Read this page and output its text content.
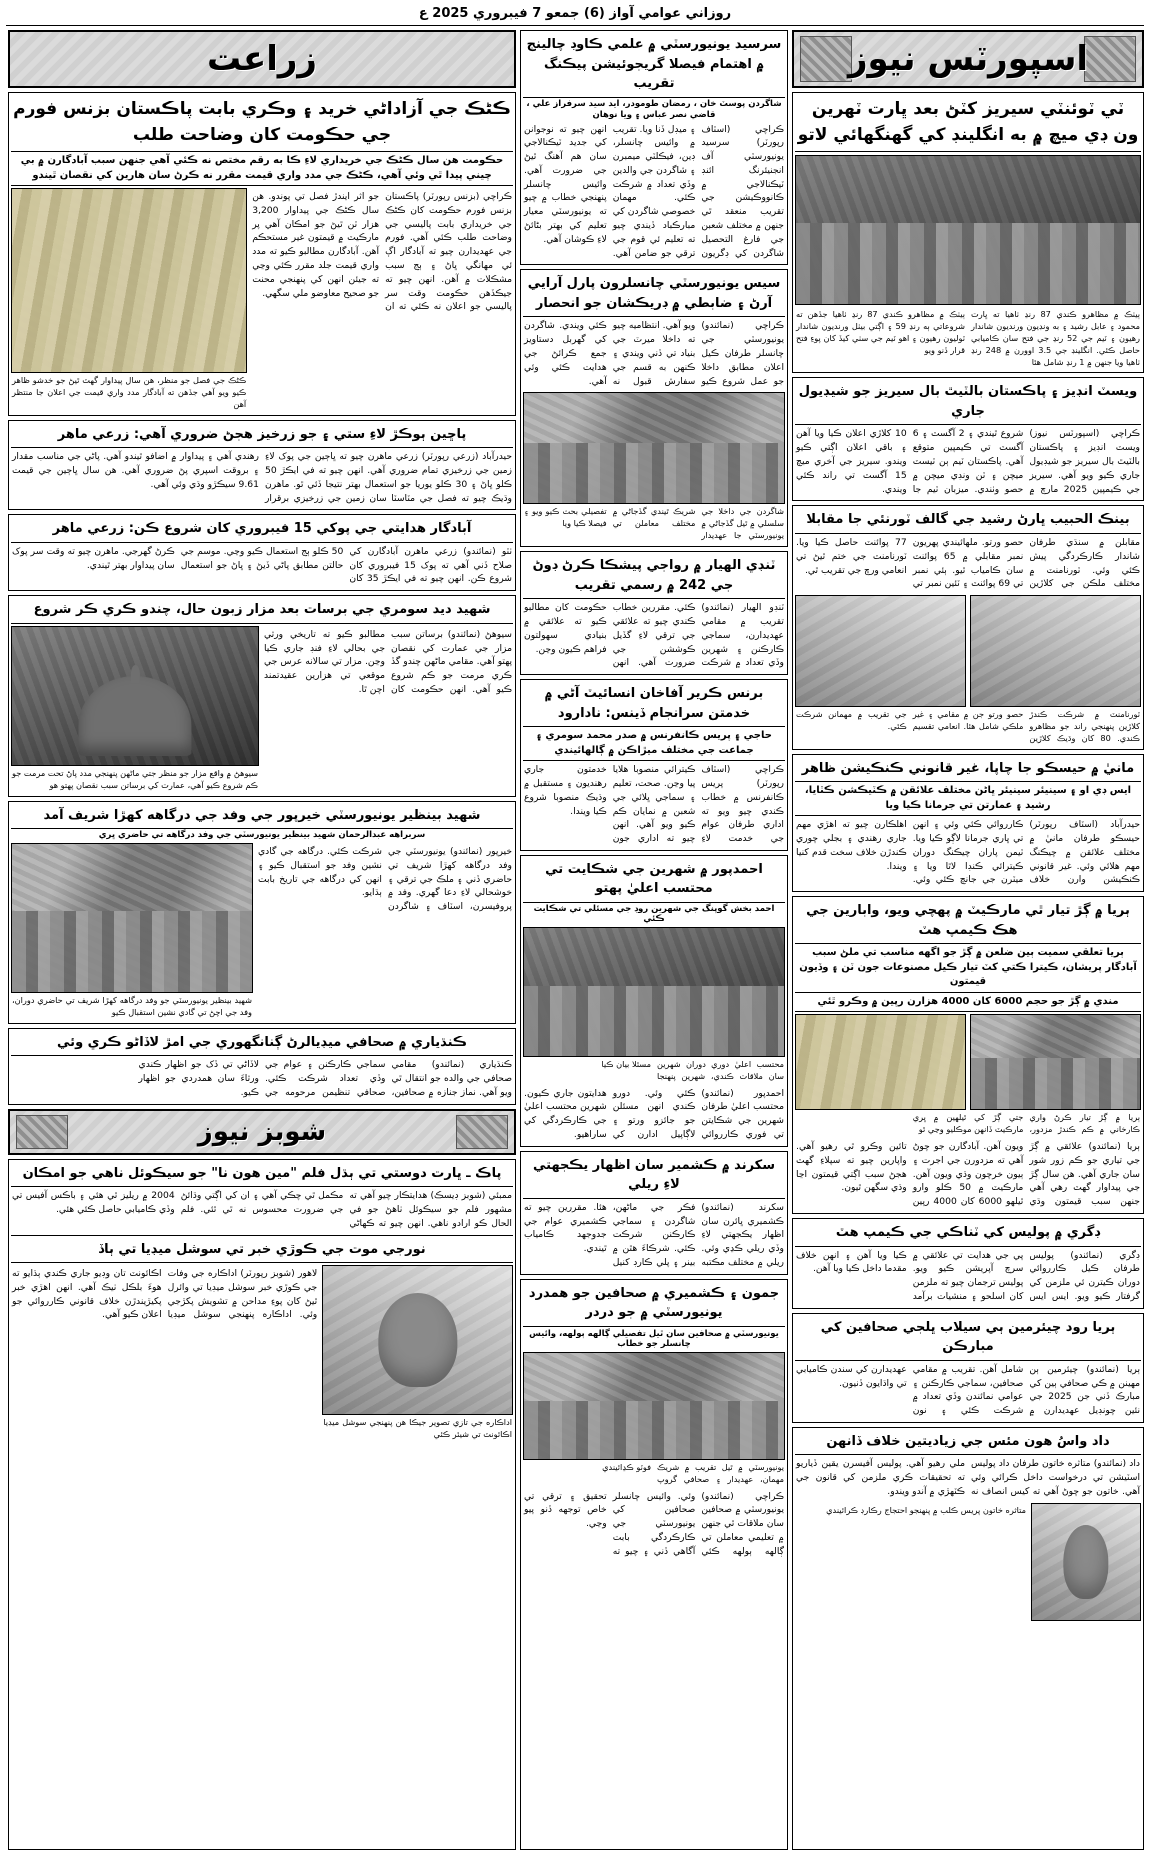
روزاني عوامي آواز (6) جمعو 7 فيبروري 2025 ع
اسپورٽس نيوز
ٽي ٽوئنٽي سيريز کٽڻ بعد ڀارت ٽهرين ون ڊي ميچ ۾ به انگلينڊ کي گهنگهائي لاتو
ٻيٺڪ ۾ مظاهرو ڪندي 87 رنڍ ٺاهيا ته ڀارت محمود ۽ عابل رشيد ۽ به ونڊيون ورنديون شاندار رهيون ۽ ٽيم جي 52 رنڍ جي فتح سان ڪاميابي حاصل ڪئي. انگلينڊ جي 3.5 اوورن ۾ 248 رنڍ ٺاهيا ويا جنهن ۾ 1 رنڍ شامل هئا
ٻيٺڪ ۾ مظاهرو ڪندي 87 رنڍ ٺاهيا جڏهن ته شروعاتي ٻه رنڍ 59 ۽ اڳتي بيٺل ورنديون شاندار ٽوليون رهيون ۽ اهو ٽيم جي سٺي کيڏ کان پوءِ فتح قرار ڏنو ويو
ويسٽ انڊيز ۽ پاڪستان بالٽيٿ بال سيريز جو شيڊيول جاري
ڪراچي (اسپورٽس نيوز) ويسٽ انڊيز ۽ پاڪستان بالٽيٿ بال سيريز جو شيڊيول جاري ڪيو ويو آهي. سيريز جي ڪيمپين 2025 مارچ ۾ شروع ٿيندي ۽ 2 آگسٽ ۽ 6 آگسٽ تي ڪيمپين متوقع آهي. پاڪستان ٽيم ٻن ٽيسٽ ميچن ۽ ٽن ونڊي ميچن ۾ حصو وٺندي. ميزبان ٽيم جا 10 کلاڙي اعلان ڪيا ويا آهن ۽ باقي اعلان اڳتي ڪيو ويندو. سيريز جي آخري ميچ 15 آگسٽ تي راند ڪئي ويندي.
بينڪ الحبيب ڀارڻ رشيد جي گالف ٽورنئي جا مقابلا
مقابلن ۾ سنڌي طرفان شاندار ڪارڪردگي پيش ڪئي وئي. ٽورنامنٽ ۾ مختلف ملڪن جي کلاڙين حصو ورتو. ملهائيندي پهريون نمبر مقابلي ۾ 65 پوائنٽ سان ڪامياب ٿيو. ٻئي نمبر تي 69 پوائنٽ ۽ ٽئين نمبر تي 77 پوائنٽ حاصل ڪيا ويا. ٽورنامنٽ جي ختم ٿيڻ تي انعامي ورڇ جي تقريب ٿي.
ٽورنامنٽ ۾ شرڪت ڪندڙ کلاڙين پنهنجي راند جو مظاهرو ڪندي. 80 کان وڌيڪ کلاڙين حصو ورتو جن ۾ مقامي ۽ غير ملڪي شامل هئا. انعامي تقسيم جي تقريب ۾ مهمانن شرڪت ڪئي.
مانيٰ ۾ حيسڪو جا چاپا، غير قانوني ڪنڪيشن ظاهر
ايس ڊي او ۽ سينيئر سينيئر ڀاڻن مختلف علائقن ۾ ڪٽيڪشن ڪٽايا، رشيد ۽ عمارتن تي جرمانا ڪيا ويا
حيدرآباد (اسٽاف رپورٽر) حيسڪو طرفان مانيٰ ۾ مختلف علائقن ۾ چيڪنگ مهم هلائي وئي. غير قانوني ڪنڪيشن وارن خلاف ڪارروائي ڪئي وئي ۽ انهن تي ڀاري جرمانا لاڳو ڪيا ويا. ٽيمن پاران چيڪنگ دوران ڪيترائي ڪنڊا لاٿا ويا ۽ ميٽرن جي جانچ ڪئي وئي. اهلڪارن چيو ته اهڙي مهم جاري رهندي ۽ بجلي چوري ڪندڙن خلاف سخت قدم کنيا ويندا.
ٻريا ۾ ڳڙ تيار ٿي مارڪيٽ ۾ پهچي ويو، وابارين جي هڪ ڪيمپ هٽ
ٻريا تعلقي سميت ٻين ضلعن ۾ ڳڙ جو اگهه مناسب تي ملڻ سبب آبادگار پريشان، ڪيترا ڪتي کٽ تيار ڪيل مصنوعات جون ٽن ۽ وڏيون قيمتون
مندي ۾ ڳڙ جو حجم 6000 کان 4000 هزارن رپين ۾ وڪرو ٿئي
ٻريا ۾ ڳڙ تيار ڪرڻ واري ڪارخاني ۾ ڪم ڪندڙ مزدور، جتي ڳڙ کي ٿيلهين ۾ ڀري مارڪيٽ ڏانهن موڪليو وڃي ٿو
ٻريا (نمائندو) علائقي ۾ ڳڙ جي تياري جو ڪم زور شور سان جاري آهي. هن سال ڳڙ جي پيداوار گهٽ رهي آهي جنهن سبب قيمتون وڌي ويون آهن. آبادگارن جو چوڻ آهي ته مزدورن جي اجرت ۽ ٻيون خرچون وڌي ويون آهن. مارڪيٽ ۾ 50 ڪلو وارو ٿيلهو 6000 کان 4000 رپين تائين وڪرو ٿي رهيو آهي. واپارين چيو ته سپلاءِ گهٽ هجڻ سبب اڳتي قيمتون اڃا وڌي سگهن ٿيون.
ڊگري ۾ پوليس کي ٽناڪي جي ڪيمپ هٽ
ڊگري (نمائندو) پوليس طرفان ڪيل ڪارروائي دوران ڪيترن ئي ملزمن کي گرفتار ڪيو ويو. ايس ايس پي جي هدايت تي علائقي ۾ سرچ آپريشن ڪيو ويو. پوليس ترجمان چيو ته ملزمن کان اسلحو ۽ منشيات برآمد ڪيا ويا آهن ۽ انهن خلاف مقدما داخل ڪيا ويا آهن.
ٻريا رود چيئرمين ٻي سيلاب ڀلجي صحافين کي مبارڪن
ٻريا (نمائندو) چيئرمين ٻن مهينن ۾ ڪي صحافي ٻين کي مبارڪ ڏني جن 2025 جي نئين چونڊيل عهديدارن ۾ شامل آهن. تقريب ۾ مقامي صحافين، سماجي ڪارڪنن ۽ عوامي نمائندن وڏي تعداد ۾ شرڪت ڪئي ۽ نون عهديدارن کي سندن ڪاميابي تي واڌايون ڏنيون.
داد واسُ هون مئس جي زياديتين خلاف ڏانهن
داد (نمائندو) متاثره خاتون طرفان داد پوليس اسٽيشن تي درخواست داخل ڪرائي وئي آهي. خاتون جو چوڻ آهي ته کيس انصاف نه ملي رهيو آهي. پوليس آفيسرن يقين ڏياريو ته تحقيقات ڪري ملزمن کي قانون جي ڪٽهڙي ۾ آندو ويندو.
متاثره خاتون پريس ڪلب ۾ پنهنجو احتجاج رڪارڊ ڪرائيندي
سرسيد يونيورسٽي ۾ علمي ڪاوڊ چالينج ۾ اهتمام فيصلا گريجوئيشن پيڪنگ تقريب
شاگردن پوسٽ خان ، رمضان طومودر، ايد سيد سرفراز علي ، قاضي نصر عباس ۽ ويا نوهان
ڪراچي (اسٽاف رپورٽر) سرسيد يونيورسٽي آف انجنيئرنگ ائنڊ ٽيڪنالاجي ۾ ڪانووڪيشن جي تقريب منعقد ٿي جنهن ۾ مختلف شعبن جي فارغ التحصيل شاگردن کي ڊگريون ۽ ميڊل ڏنا ويا. تقريب ۾ وائيس چانسلر، ڊين، فيڪلٽي ميمبرن ۽ شاگردن جي والدين وڏي تعداد ۾ شرڪت ڪئي. مهمان خصوصي شاگردن کي مبارڪباد ڏيندي چيو ته تعليم ئي قوم جي ترقي جو ضامن آهي. انهن چيو ته نوجوانن کي جديد ٽيڪنالاجي سان هم آهنگ ٿيڻ جي ضرورت آهي. وائيس چانسلر پنهنجي خطاب ۾ چيو ته يونيورسٽي معيار تعليم کي بهتر بڻائڻ لاءِ ڪوشان آهي.
سيس يونيورسٽي چانسلرون پارل آرايي آرڻ ۽ ضابطي ۾ ڊريڪشان جو انحصار
ڪراچي (نمائندو) يونيورسٽي جي چانسلر طرفان ڪيل اعلان مطابق داخلا جو عمل شروع ڪيو ويو آهي. انتظاميه چيو ته داخلا ميرٽ جي بنياد تي ڏني ويندي ۽ ڪنهن به قسم جي سفارش قبول نه ڪئي ويندي. شاگردن کي گهربل دستاويز جمع ڪرائڻ جي هدايت ڪئي وئي آهي.
شاگردن جي داخلا جي سلسلي ۾ ٿيل گڏجاڻي ۾ يونيورسٽي جا عهديدار شريڪ ٿيندي گڏجاڻي ۾ مختلف معاملن تي تفصيلي بحث ڪيو ويو ۽ فيصلا ڪيا ويا
ٽنڊي الهيار ۾ رواجي پيشڪا ڪرڻ ڊوڻ جي 242 ۾ رسمي تقريب
ٽنڊو الهيار (نمائندو) تقريب ۾ مقامي عهديدارن، سماجي ڪارڪنن ۽ شهرين وڏي تعداد ۾ شرڪت ڪئي. مقررين خطاب ڪندي چيو ته علائقي جي ترقي لاءِ گڏيل ڪوششن جي ضرورت آهي. انهن حڪومت کان مطالبو ڪيو ته علائقي ۾ بنيادي سهولتون فراهم ڪيون وڃن.
برنس ڪرير آفاخان انسائيٽ آڻي ۾ خدمتن سرانجام ڏينس: نادارود
حاجي ۽ پريس ڪانفرنس ۾ صدر محمد سومري ۽ جماعت جي مختلف ميڙاڪن ۾ ڳالهائيندي
ڪراچي (اسٽاف رپورٽر) پريس ڪانفرنس ۾ خطاب ڪندي چيو ويو ته اداري طرفان عوام جي خدمت لاءِ ڪيترائي منصوبا هلايا پيا وڃن. صحت، تعليم ۽ سماجي ڀلائي جي شعبن ۾ نمايان ڪم ڪيو ويو آهي. انهن چيو ته اداري جون خدمتون جاري رهنديون ۽ مستقبل ۾ وڌيڪ منصوبا شروع ڪيا ويندا.
احمدپور ۾ شهرين جي شڪايت تي محتسب اعليٰ پهتو
احمد بخش گوپنگ جي شهرين روڊ جي مسئلي تي شڪايت ڪئي
محتسب اعليٰ دوري دوران شهرين سان ملاقات ڪندي، شهرين پنهنجا مسئلا بيان ڪيا
احمدپور (نمائندو) محتسب اعليٰ طرفان شهرين جي شڪايتن تي فوري ڪارروائي ڪئي وئي. دورو ڪندي انهن مسئلن جو جائزو ورتو ۽ لاڳاپيل ادارن کي هدايتون جاري ڪيون. شهرين محتسب اعليٰ جي ڪارڪردگي کي ساراهيو.
سکرند ۾ ڪشمير سان اظهار يڪجهتي لاءِ ريلي
سکرند (نمائندو) ڪشميري ڀائرن سان اظهار يڪجهتي لاءِ وڏي ريلي ڪڍي وئي. ريلي ۾ مختلف مڪتبه فڪر جي ماڻهن، شاگردن ۽ سماجي ڪارڪنن شرڪت ڪئي. شرڪاءَ هٿن ۾ بينر ۽ پلي ڪارڊ کنيل هئا. مقررين چيو ته ڪشميري عوام جي جدوجهد ڪامياب ٿيندي.
جمون ۽ ڪشميري ۾ صحافين جو همدرد يونيورسٽي ۾ جو دردر
يونيورسٽي ۾ صحافين سان ٿيل تفصيلي ڳالهه ٻولهه، وائيس چانسلر جو خطاب
يونيورسٽي ۾ ٿيل تقريب ۾ شريڪ مهمان، عهديدار ۽ صحافي گروپ فوٽو ڪڍائيندي
ڪراچي (نمائندو) يونيورسٽي ۾ صحافين سان ملاقات ٿي جنهن ۾ تعليمي معاملن تي ڳالهه ٻولهه ڪئي وئي. وائيس چانسلر صحافين کي يونيورسٽي جي ڪارڪردگي بابت آگاهي ڏني ۽ چيو ته تحقيق ۽ ترقي تي خاص توجهه ڏنو پيو وڃي.
زراعت
ڪڻڪ جي آزاداڻي خريد ۽ وڪري بابت پاڪستان بزنس فورم جي حڪومت کان وضاحت طلب
حڪومت هن سال ڪڻڪ جي خريداري لاءِ ڪا به رقم مختص نه ڪئي آهي جنهن سبب آبادگارن ۾ بي چيني پيدا ٿي وئي آهي، ڪڻڪ جي مدد واري قيمت مقرر نه ڪرڻ سان هارين کي نقصان ٿيندو
ڪراچي (بزنس رپورٽر) پاڪستان بزنس فورم حڪومت کان ڪڻڪ جي خريداري بابت پاليسي جي وضاحت طلب ڪئي آهي. فورم جي عهديدارن چيو ته آبادگار اڳ ئي مهانگي ڀاڻ ۽ ٻج سبب مشڪلات ۾ آهن. انهن چيو ته جيڪڏهن حڪومت وقت سر پاليسي جو اعلان نه ڪئي ته ان جو اثر ايندڙ فصل تي پوندو. هن سال ڪڻڪ جي پيداوار 3,200 هزار ٽن ٿيڻ جو امڪان آهي پر مارڪيٽ ۾ قيمتون غير مستحڪم آهن. آبادگارن مطالبو ڪيو ته مدد واري قيمت جلد مقرر ڪئي وڃي ته جيئن انهن کي پنهنجي محنت جو صحيح معاوضو ملي سگهي.
ڪڻڪ جي فصل جو منظر، هن سال پيداوار گهٽ ٿيڻ جو خدشو ظاهر ڪيو ويو آهي جڏهن ته آبادگار مدد واري قيمت جي اعلان جا منتظر آهن
پاڇين ٻوڪڙ لاءِ ستي ۽ جو زرخيز هجڻ ضروري آهي: زرعي ماهر
حيدرآباد (زرعي رپورٽر) زرعي ماهرن چيو ته ڀاڄين جي پوک لاءِ زمين جي زرخيزي تمام ضروري آهي. انهن چيو ته في ايڪڙ 50 ڪلو ڀاڻ ۽ 30 ڪلو يوريا جو استعمال بهتر نتيجا ڏئي ٿو. ماهرن وڌيڪ چيو ته فصل جي مٽاسٽا سان زمين جي زرخيزي برقرار رهندي آهي ۽ پيداوار ۾ اضافو ٿيندو آهي. پاڻي جي مناسب مقدار ۽ بروقت اسپري پڻ ضروري آهي. هن سال ڀاڄين جي قيمت 9.61 سيڪڙو وڌي وئي آهي.
آبادگار هدايتي جي پوکي 15 فيبروري کان شروع ڪن: زرعي ماهر
ٺٽو (نمائندو) زرعي ماهرن آبادگارن کي صلاح ڏني آهي ته پوک 15 فيبروري کان شروع ڪن. انهن چيو ته في ايڪڙ 35 کان 50 ڪلو ٻج استعمال ڪيو وڃي. موسم جي حالتن مطابق پاڻي ڏيڻ ۽ ڀاڻ جو استعمال ڪرڻ گهرجي. ماهرن چيو ته وقت سر پوک سان پيداوار بهتر ٿيندي.
شهيد ديد سومري جي برسات بعد مزار زبون حال، چندو ڪري ڪر شروع
سيوهڻ (نمائندو) برساتن سبب مزار جي عمارت کي نقصان پهتو آهي. مقامي ماڻهن چندو گڏ ڪري مرمت جو ڪم شروع ڪيو آهي. انهن حڪومت کان مطالبو ڪيو ته تاريخي ورثي جي بحالي لاءِ فنڊ جاري ڪيا وڃن. مزار تي سالانه عرس جي موقعي تي هزارين عقيدتمند اچن ٿا.
سيوهڻ ۾ واقع مزار جو منظر جتي ماڻهن پنهنجي مدد پاڻ تحت مرمت جو ڪم شروع ڪيو آهي، عمارت کي برساتن سبب نقصان پهتو هو
شهيد بينظير يونيورسٽي خيرپور جي وفد جي درگاهه کهڙا شريف آمد
سربراهه عبدالرحمان شهيد بينظير يونيورسٽي جي وفد درگاهه تي حاضري ڀري
خيرپور (نمائندو) يونيورسٽي جي وفد درگاهه کهڙا شريف تي حاضري ڏني ۽ ملڪ جي ترقي ۽ خوشحالي لاءِ دعا گهري. وفد ۾ پروفيسرن، اسٽاف ۽ شاگردن شرڪت ڪئي. درگاهه جي گادي نشين وفد جو استقبال ڪيو ۽ انهن کي درگاهه جي تاريخ بابت ٻڌايو.
شهيد بينظير يونيورسٽي جو وفد درگاهه کهڙا شريف تي حاضري دوران، وفد جي اچڻ تي گادي نشين استقبال ڪيو
ڪنڌياري ۾ صحافي ميڊيالرڻ ڳنانگهوري جي امڙ لاڏاڻو ڪري وئي
ڪنڌياري (نمائندو) مقامي صحافي جي والده جو انتقال ٿي ويو آهي. نماز جنازه ۾ صحافين، سماجي ڪارڪنن ۽ عوام جي وڏي تعداد شرڪت ڪئي. صحافي تنظيمن مرحومه جي لاڏاڻي تي ڏک جو اظهار ڪندي ورثاءَ سان همدردي جو اظهار ڪيو.
شوبز نيوز
پاڪ ـ ڀارت دوستي تي ٻڌل فلم "مين هون نا" جو سيڪوئل ناهي جو امڪان
ممبئي (شوبز ڊيسڪ) هدايتڪار چيو آهي ته مشهور فلم جو سيڪوئل ٺاهڻ جو في الحال ڪو ارادو ناهي. انهن چيو ته ڪهاڻي مڪمل ٿي چڪي آهي ۽ ان کي اڳتي وڌائڻ جي ضرورت محسوس نه ٿي ٿئي. فلم 2004 ۾ ريليز ٿي هئي ۽ باڪس آفيس تي وڏي ڪاميابي حاصل ڪئي هئي.
نورجي موت جي ڪوڙي خبر تي سوشل ميڊيا تي ٻاڏ
اداڪاره جي تازي تصوير جيڪا هن پنهنجي سوشل ميڊيا اڪائونٽ تي شيئر ڪئي
لاهور (شوبز رپورٽر) اداڪاره جي وفات جي ڪوڙي خبر سوشل ميڊيا تي وائرل ٿيڻ کان پوءِ مداحن ۾ تشويش پکڙجي وئي. اداڪاره پنهنجي سوشل ميڊيا اڪائونٽ تان وڊيو جاري ڪندي ٻڌايو ته هوءَ بلڪل ٺيڪ آهي. انهن اهڙي خبر پکيڙيندڙن خلاف قانوني ڪارروائي جو اعلان ڪيو آهي.
